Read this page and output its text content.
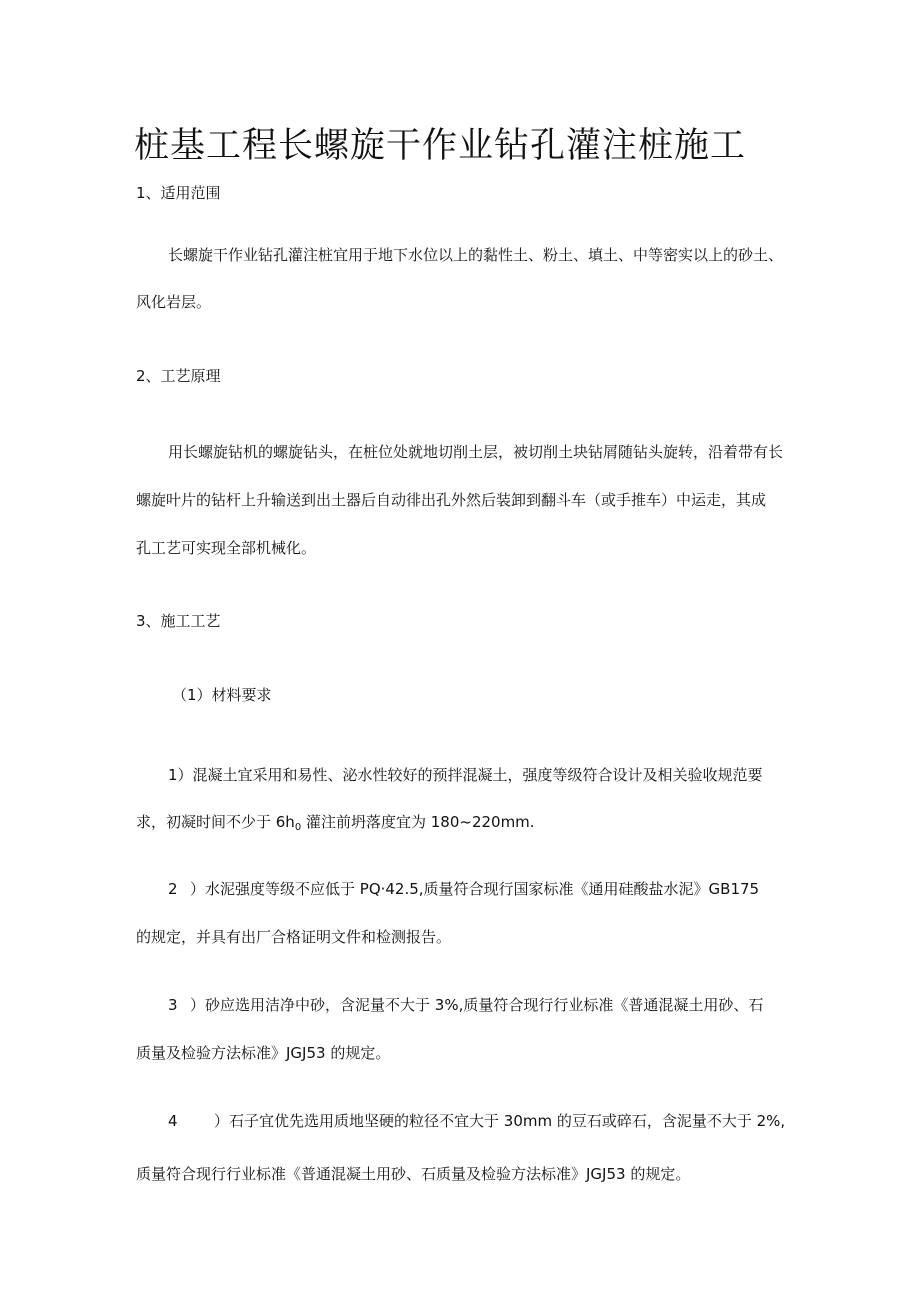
桩基工程长螺旋干作业钻孔灌注桩施工
1、适用范围
长螺旋干作业钻孔灌注桩宜用于地下水位以上的黏性土、粉土、填土、中等密实以上的砂土、
风化岩层。
2、工艺原理
用长螺旋钻机的螺旋钻头，在桩位处就地切削土层，被切削土块钻屑随钻头旋转，沿着带有长
螺旋叶片的钻杆上升输送到出土器后自动徘出孔外然后装卸到翻斗车（或手推车）中运走，其成
孔工艺可实现全部机械化。
3、施工工艺
（1）材料要求
1）混凝土宜采用和易性、泌水性较好的预拌混凝土，强度等级符合设计及相关验收规范要
求，初凝时间不少于 $6h_0$ 灌注前坍落度宜为 180~220mm.
2 ）水泥强度等级不应低于 PQ·42.5,质量符合现行国家标准《通用硅酸盐水泥》GB175
的规定，并具有出厂合格证明文件和检测报告。
3 ）砂应选用洁净中砂，含泥量不大于 3%,质量符合现行行业标准《普通混凝土用砂、石
质量及检验方法标准》JGJ53 的规定。
4 ）石子宜优先选用质地坚硬的粒径不宜大于 30mm 的豆石或碎石，含泥量不大于 2%,
质量符合现行行业标准《普通混凝土用砂、石质量及检验方法标准》JGJ53 的规定。
